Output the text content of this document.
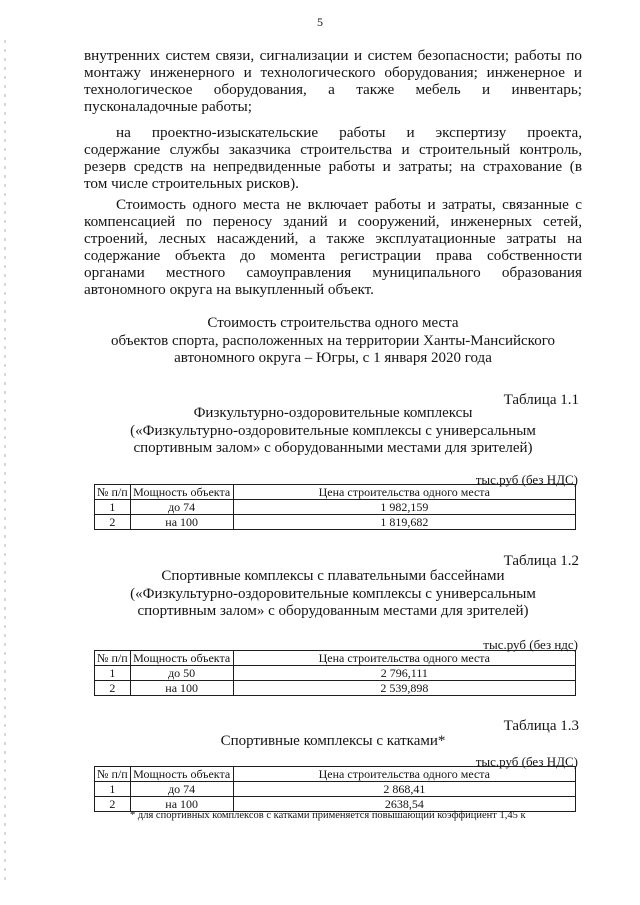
5

внутренних систем связи, сигнализации и систем безопасности; работы по

монтажу инженерного и технологического оборудования; инженерное и

технологическое оборудования, а также мебель и инвентарь;

пусконаладочные работы;

на проектно-изыскательские работы и экспертизу проекта,

содержание службы заказчика строительства и строительный контроль,

резерв средств на непредвиденные работы и затраты; на страхование (в

том числе строительных рисков).

Стоимость одного места не включает работы и затраты, связанные с

компенсацией по переносу зданий и сооружений, инженерных сетей,

строений, лесных насаждений, а также эксплуатационные затраты на

содержание объекта до момента регистрации права собственности

органами местного самоуправления муниципального образования

автономного округа на выкупленный объект.

Стоимость строительства одного места
объектов спорта, расположенных на территории Ханты-Мансийского
автономного округа – Югры, с 1 января 2020 года
Таблица 1.1
Физкультурно-оздоровительные комплексы
(«Физкультурно-оздоровительные комплексы с универсальным
спортивным залом» с оборудованными местами для зрителей)
тыс.руб (без НДС)
№ п/п	Мощность объекта	Цена строительства одного места
1	до 74	1 982,159
2	на 100	1 819,682
Таблица 1.2
Спортивные комплексы с плавательными бассейнами
(«Физкультурно-оздоровительные комплексы с универсальным
спортивным залом» с оборудованным местами для зрителей)
тыс.руб (без ндс)
№ п/п	Мощность объекта	Цена строительства одного места
1	до 50	2 796,111
2	на 100	2 539,898
Таблица 1.3
Спортивные комплексы с катками*
тыс.руб (без НДС)
№ п/п	Мощность объекта	Цена строительства одного места
1	до 74	2 868,41
2	на 100	2638,54
* для спортивных комплексов с катками применяется повышающий коэффициент 1,45 к
